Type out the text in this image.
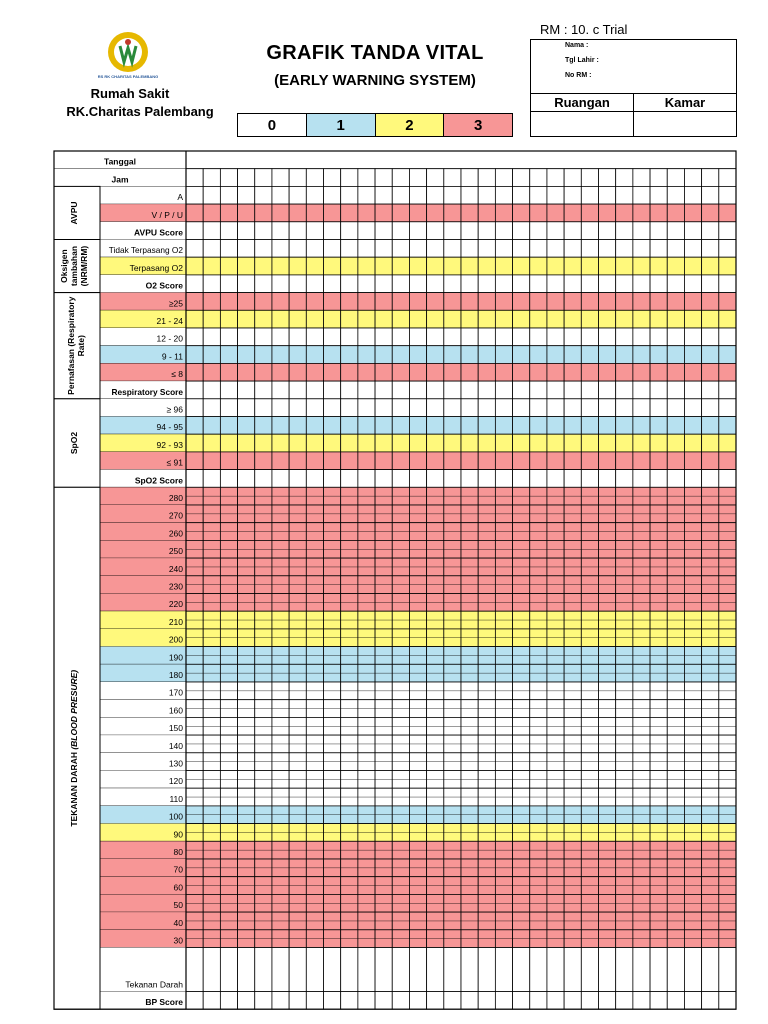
RS RK CHARITAS PALEMBANG
Rumah Sakit
RK.Charitas Palembang
GRAFIK TANDA VITAL
(EARLY WARNING SYSTEM)
RM : 10. c Trial
0	1	2	3
Nama :
Tgl Lahir :
No RM :
Ruangan	Kamar
Tanggal
Jam
A
V / P / U
AVPU Score
Tidak Terpasang O2
Terpasang O2
O2 Score
≥25
21 - 24
12 - 20
9 - 11
≤ 8
Respiratory Score
≥ 96
94 - 95
92 - 93
≤ 91
SpO2 Score
280
270
260
250
240
230
220
210
200
190
180
170
160
150
140
130
120
110
100
90
80
70
60
50
40
30
Tekanan Darah
BP Score
AVPU
Oksigentambahan(NRM/RM)
Pernafasan (RespiratoryRate)
SpO2
TEKANAN DARAH (BLOOD PRESURE)
